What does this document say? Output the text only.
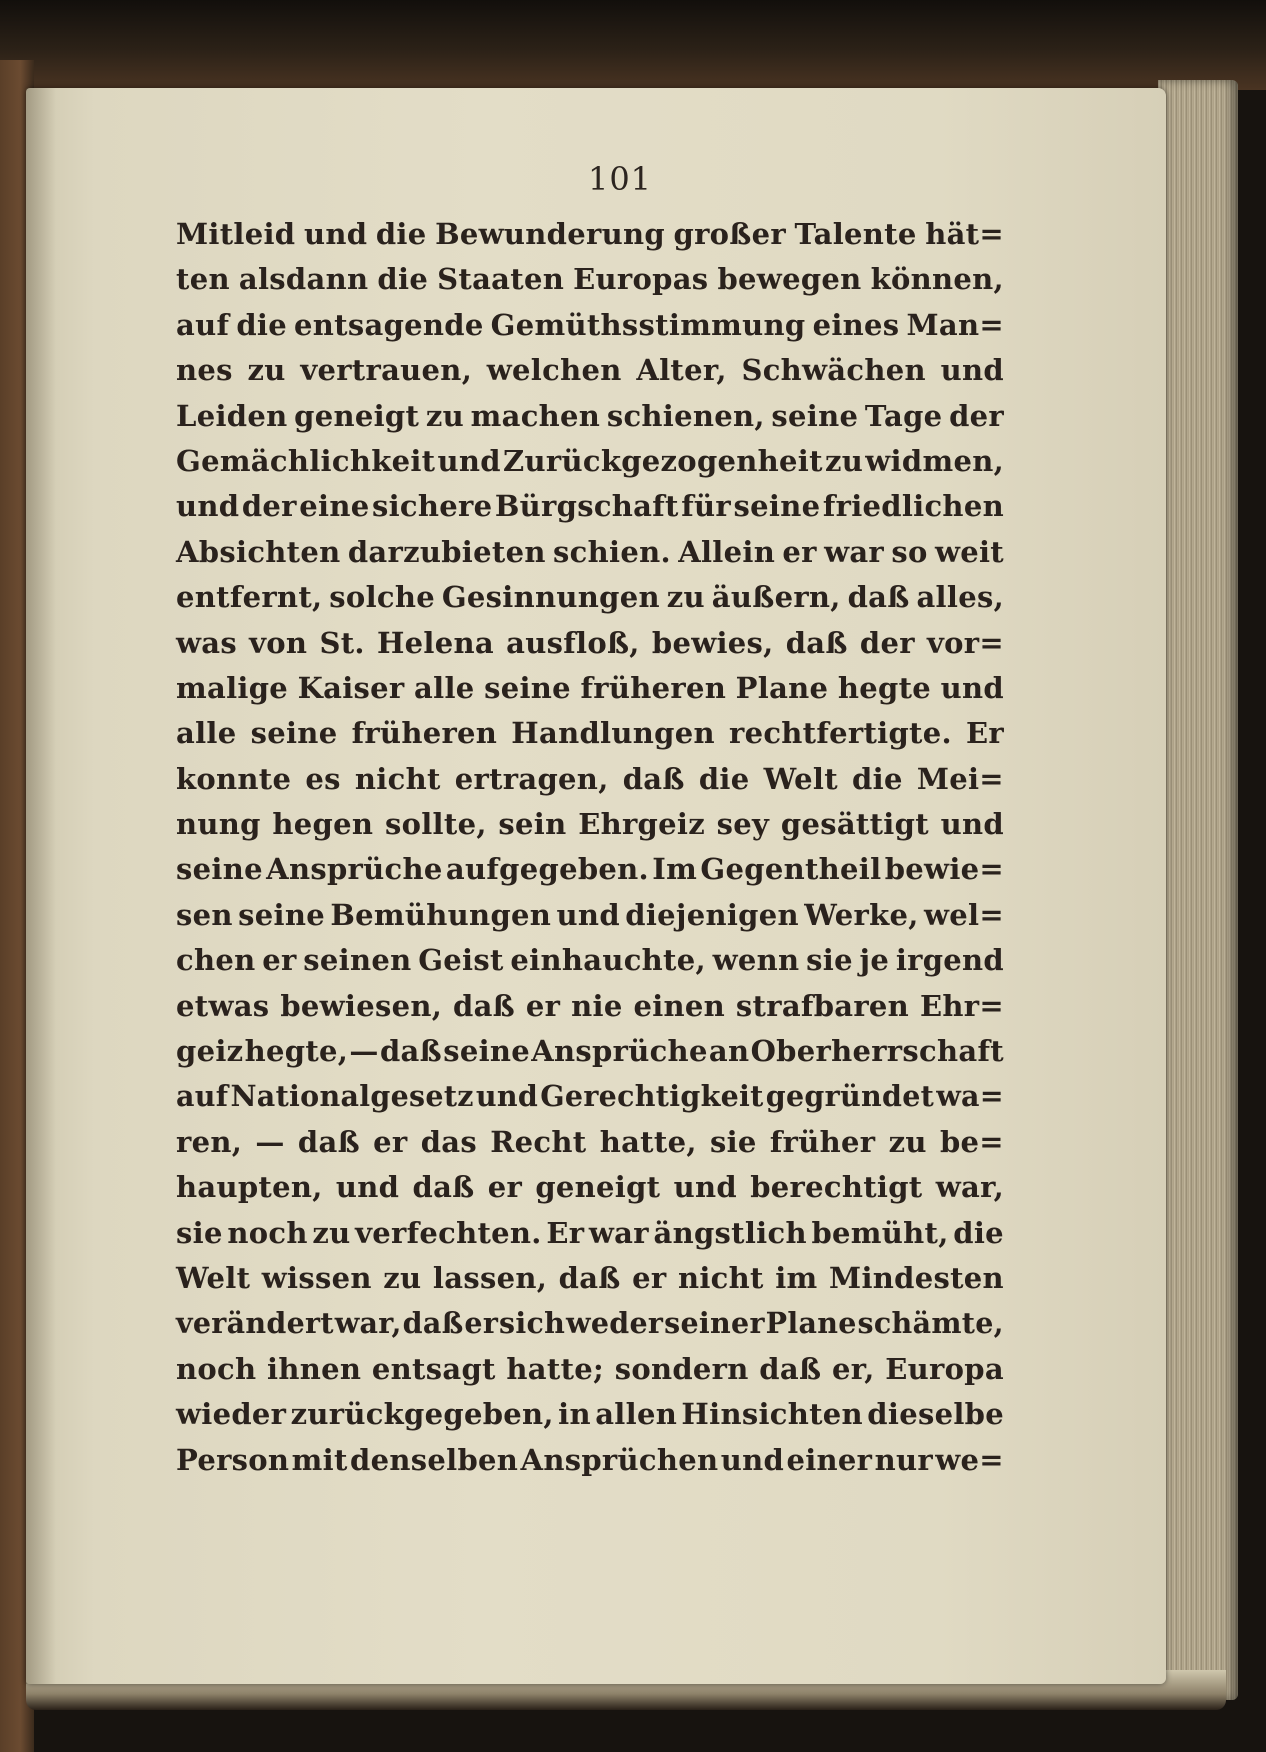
101
Mitleid und die Bewunderung großer Talente hät=
ten alsdann die Staaten Europas bewegen können,
auf die entsagende Gemüthsstimmung eines Man=
nes zu vertrauen, welchen Alter, Schwächen und
Leiden geneigt zu machen schienen, seine Tage der
Gemächlichkeit und Zurückgezogenheit zu widmen,
und der eine sichere Bürgschaft für seine friedlichen
Absichten darzubieten schien. Allein er war so weit
entfernt, solche Gesinnungen zu äußern, daß alles,
was von St. Helena ausfloß, bewies, daß der vor=
malige Kaiser alle seine früheren Plane hegte und
alle seine früheren Handlungen rechtfertigte. Er
konnte es nicht ertragen, daß die Welt die Mei=
nung hegen sollte, sein Ehrgeiz sey gesättigt und
seine Ansprüche aufgegeben. Im Gegentheil bewie=
sen seine Bemühungen und diejenigen Werke, wel=
chen er seinen Geist einhauchte, wenn sie je irgend
etwas bewiesen, daß er nie einen strafbaren Ehr=
geiz hegte, — daß seine Ansprüche an Oberherrschaft
auf Nationalgesetz und Gerechtigkeit gegründet wa=
ren, — daß er das Recht hatte, sie früher zu be=
haupten, und daß er geneigt und berechtigt war,
sie noch zu verfechten. Er war ängstlich bemüht, die
Welt wissen zu lassen, daß er nicht im Mindesten
verändert war, daß er sich weder seiner Plane schämte,
noch ihnen entsagt hatte; sondern daß er, Europa
wieder zurückgegeben, in allen Hinsichten dieselbe
Person mit denselben Ansprüchen und einer nur we=
